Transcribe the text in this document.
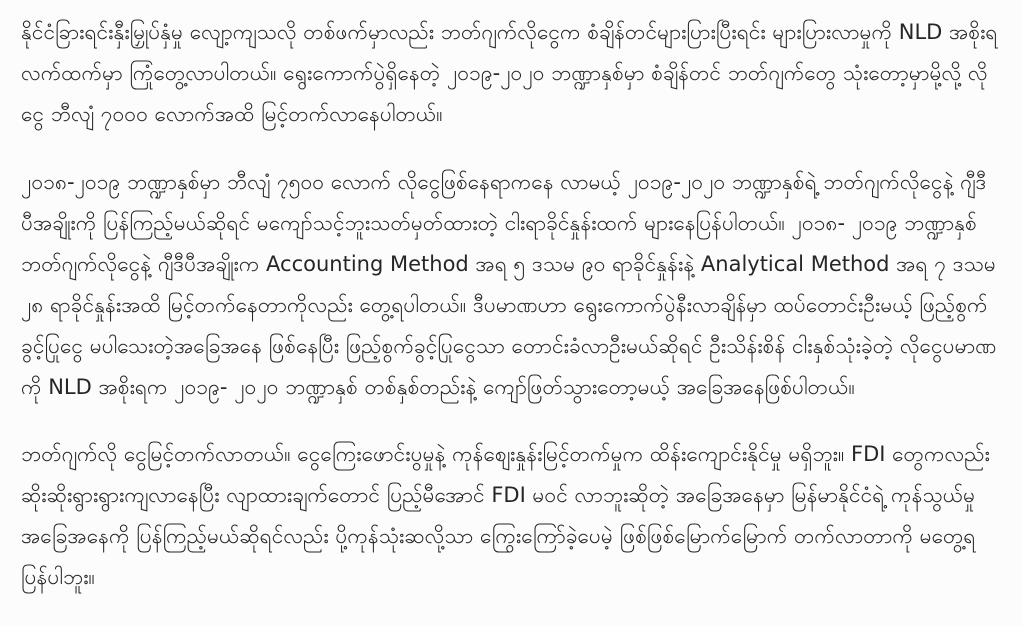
နိုင်ငံခြားရင်းနှီးမြှုပ်နှံမှု လျော့ကျသလို တစ်ဖက်မှာလည်း ဘတ်ဂျက်လိုငွေက စံချိန်တင်များပြားပြီးရင်း များပြားလာမှုကို NLD အစိုးရ လက်ထက်မှာ ကြုံတွေ့လာပါတယ်။ ရွေးကောက်ပွဲရှိနေတဲ့ ၂၀၁၉-၂၀၂၀ ဘဏ္ဍာနှစ်မှာ စံချိန်တင် ဘတ်ဂျက်တွေ သုံးတော့မှာမို့လို့ လိုငွေ ဘီလျံ ၇၀၀၀ လောက်အထိ မြင့်တက်လာနေပါတယ်။

၂၀၁၈-၂၀၁၉ ဘဏ္ဍာနှစ်မှာ ဘီလျံ ၇၅၀၀ လောက် လိုငွေဖြစ်နေရာကနေ လာမယ့် ၂၀၁၉-၂၀၂၀ ဘဏ္ဍာနှစ်ရဲ့ ဘတ်ဂျက်လိုငွေနဲ့ ဂျီဒီပီအချိုးကို ပြန်ကြည့်မယ်ဆိုရင် မကျော်သင့်ဘူးသတ်မှတ်ထားတဲ့ ငါးရာခိုင်နှုန်းထက် များနေပြန်ပါတယ်။ ၂၀၁၈- ၂၀၁၉ ဘဏ္ဍာနှစ် ဘတ်ဂျက်လိုငွေနဲ့ ဂျီဒီပီအချိုးက Accounting Method အရ ၅ ဒသမ ၉၀ ရာခိုင်နှုန်းနဲ့ Analytical Method အရ ၇ ဒသမ ၂၈ ရာခိုင်နှုန်းအထိ မြင့်တက်နေတာကိုလည်း တွေ့ရပါတယ်။ ဒီပမာဏဟာ ရွေးကောက်ပွဲနီးလာချိန်မှာ ထပ်တောင်းဦးမယ့် ဖြည့်စွက်ခွင့်ပြုငွေ မပါသေးတဲ့အခြေအနေ ဖြစ်နေပြီး ဖြည့်စွက်ခွင့်ပြုငွေသာ တောင်းခံလာဦးမယ်ဆိုရင် ဦးသိန်းစိန် ငါးနှစ်သုံးခဲ့တဲ့ လိုငွေပမာဏကို NLD အစိုးရက ၂၀၁၉- ၂၀၂၀ ဘဏ္ဍာနှစ် တစ်နှစ်တည်းနဲ့ ကျော်ဖြတ်သွားတော့မယ့် အခြေအနေဖြစ်ပါတယ်။

ဘတ်ဂျက်လို ငွေမြင့်တက်လာတယ်။ ငွေကြေးဖောင်းပွမှုနဲ့ ကုန်စျေးနှုန်းမြင့်တက်မှုက ထိန်းကျောင်းနိုင်မှု မရှိဘူး။ FDI တွေကလည်း ဆိုးဆိုးရွားရွားကျလာနေပြီး လျာထားချက်တောင် ပြည့်မီအောင် FDI မဝင် လာဘူးဆိုတဲ့ အခြေအနေမှာ မြန်မာနိုင်ငံရဲ့ ကုန်သွယ်မှုအခြေအနေကို ပြန်ကြည့်မယ်ဆိုရင်လည်း ပို့ကုန်သုံးဆလို့သာ ကြွေးကြော်ခဲ့ပေမဲ့ ဖြစ်ဖြစ်မြောက်မြောက် တက်လာတာကို မတွေ့ရပြန်ပါဘူး။
